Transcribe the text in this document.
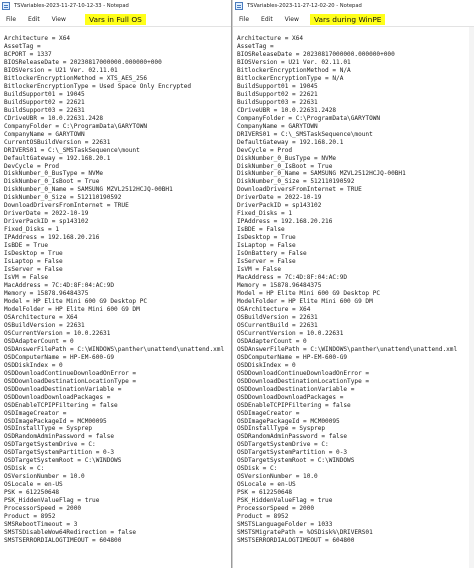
TSVariables-2023-11-27-10-12-33 - Notepad
File	Edit	View	Vars in Full OS
Architecture = X64
AssetTag =
BCPORT = 1337
BIOSReleaseDate = 20230817000000.000000+000
BIOSVersion = U21 Ver. 02.11.01
BitlockerEncryptionMethod = XTS_AES_256
BitlockerEncryptionType = Used Space Only Encrypted
BuildSupport01 = 19045
BuildSupport02 = 22621
BuildSupport03 = 22631
CDriveUBR = 10.0.22631.2428
CompanyFolder = C:\ProgramData\GARYTOWN
CompanyName = GARYTOWN
CurrentOSBuildVersion = 22631
DRIVERS01 = C:\_SMSTaskSequence\mount
DefaultGateway = 192.168.20.1
DevCycle = Prod
DiskNumber_0_BusType = NVMe
DiskNumber_0_IsBoot = True
DiskNumber_0_Name = SAMSUNG MZVL2512HCJQ-00BH1
DiskNumber_0_Size = 512110190592
DownloadDriversFromInternet = TRUE
DriverDate = 2022-10-19
DriverPackID = sp143102
Fixed_Disks = 1
IPAddress = 192.168.20.216
IsBDE = True
IsDesktop = True
IsLaptop = False
IsServer = False
IsVM = False
MacAddress = 7C:4D:8F:04:AC:9D
Memory = 15878.96484375
Model = HP Elite Mini 600 G9 Desktop PC
ModelFolder = HP Elite Mini 600 G9 DM
OSArchitecture = X64
OSBuildVersion = 22631
OSCurrentVersion = 10.0.22631
OSDAdapterCount = 0
OSDAnswerFilePath = C:\WINDOWS\panther\unattend\unattend.xml
OSDComputerName = HP-EM-600-G9
OSDDiskIndex = 0
OSDDownloadContinueDownloadOnError =
OSDDownloadDestinationLocationType =
OSDDownloadDestinationVariable =
OSDDownloadDownloadPackages =
OSDEnableTCPIPFiltering = false
OSDImageCreator =
OSDImagePackageId = MCM00095
OSDInstallType = Sysprep
OSDRandomAdminPassword = false
OSDTargetSystemDrive = C:
OSDTargetSystemPartition = 0-3
OSDTargetSystemRoot = C:\WINDOWS
OSDisk = C:
OSVersionNumber = 10.0
OSLocale = en-US
PSK = 612250648
PSK_HiddenValueFlag = true
ProcessorSpeed = 2000
Product = 8952
SMSRebootTimeout = 3
SMSTSDisableWow64Redirection = false
SMSTSERRORDIALOGTIMEOUT = 604800
TSVariables-2023-11-27-12-02-20 - Notepad
File	Edit	View	Vars during WinPE
Architecture = X64
AssetTag =
BIOSReleaseDate = 20230817000000.000000+000
BIOSVersion = U21 Ver. 02.11.01
BitlockerEncryptionMethod = N/A
BitlockerEncryptionType = N/A
BuildSupport01 = 19045
BuildSupport02 = 22621
BuildSupport03 = 22631
CDriveUBR = 10.0.22631.2428
CompanyFolder = C:\ProgramData\GARYTOWN
CompanyName = GARYTOWN
DRIVERS01 = C:\_SMSTaskSequence\mount
DefaultGateway = 192.168.20.1
DevCycle = Prod
DiskNumber_0_BusType = NVMe
DiskNumber_0_IsBoot = True
DiskNumber_0_Name = SAMSUNG MZVL2512HCJQ-00BH1
DiskNumber_0_Size = 512110190592
DownloadDriversFromInternet = TRUE
DriverDate = 2022-10-19
DriverPackID = sp143102
Fixed_Disks = 1
IPAddress = 192.168.20.216
IsBDE = False
IsDesktop = True
IsLaptop = False
IsOnBattery = False
IsServer = False
IsVM = False
MacAddress = 7C:4D:8F:04:AC:9D
Memory = 15878.96484375
Model = HP Elite Mini 600 G9 Desktop PC
ModelFolder = HP Elite Mini 600 G9 DM
OSArchitecture = X64
OSBuildVersion = 22631
OSCurrentBuild = 22631
OSCurrentVersion = 10.0.22631
OSDAdapterCount = 0
OSDAnswerFilePath = C:\WINDOWS\panther\unattend\unattend.xml
OSDComputerName = HP-EM-600-G9
OSDDiskIndex = 0
OSDDownloadContinueDownloadOnError =
OSDDownloadDestinationLocationType =
OSDDownloadDestinationVariable =
OSDDownloadDownloadPackages =
OSDEnableTCPIPFiltering = false
OSDImageCreator =
OSDImagePackageId = MCM00095
OSDInstallType = Sysprep
OSDRandomAdminPassword = false
OSDTargetSystemDrive = C:
OSDTargetSystemPartition = 0-3
OSDTargetSystemRoot = C:\WINDOWS
OSDisk = C:
OSVersionNumber = 10.0
OSLocale = en-US
PSK = 612250648
PSK_HiddenValueFlag = true
ProcessorSpeed = 2000
Product = 8952
SMSTSLanguageFolder = 1033
SMSTSMigratePath = %OSDisk%\DRIVERS01
SMSTSERRORDIALOGTIMEOUT = 604800
